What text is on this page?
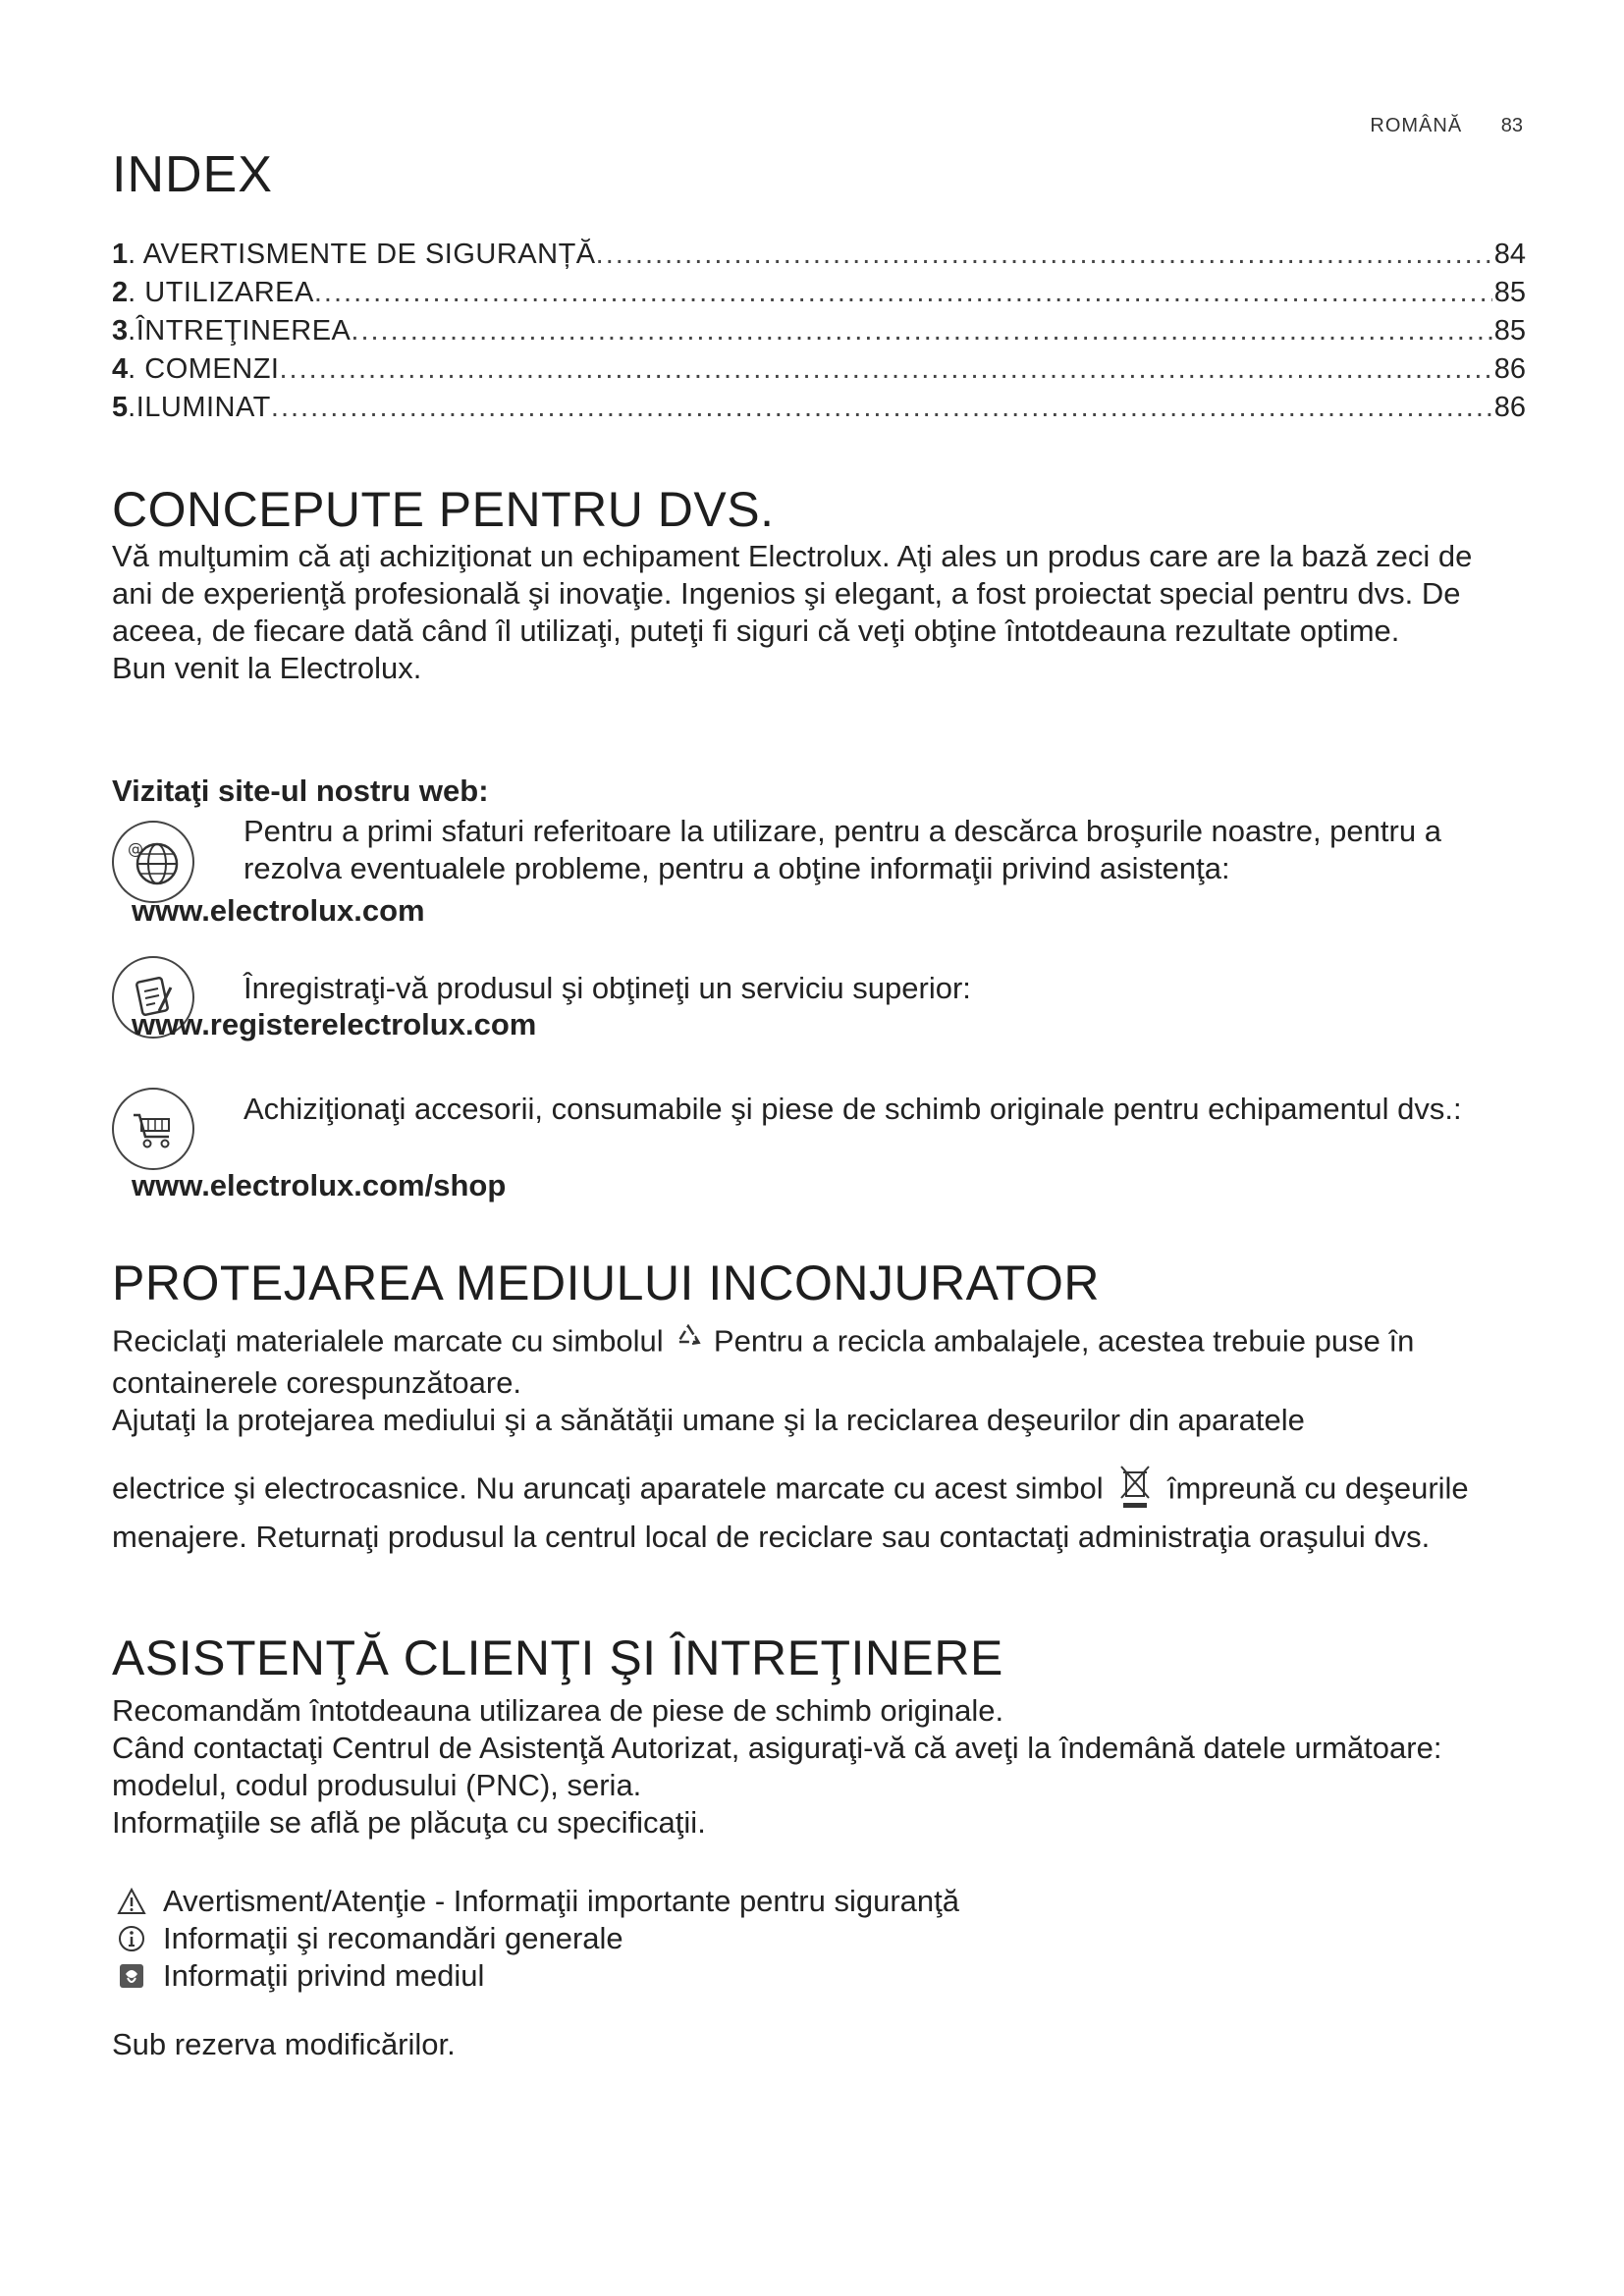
ROMÂNĂ 83
INDEX
1 . AVERTISMENTE DE SIGURANȚĂ .....	84
2 . UTILIZAREA .....	85
3 .ÎNTREŢINEREA .....	85
4 . COMENZI .....	86
5 .ILUMINAT .....	86
CONCEPUTE PENTRU DVS.

Vă mulţumim că aţi achiziţionat un echipament Electrolux. Aţi ales un produs care are la bază zeci de ani de experienţă profesională şi inovaţie. Ingenios şi elegant, a fost proiectat special pentru dvs. De aceea, de fiecare dată când îl utilizaţi, puteţi fi siguri că veţi obţine întotdeauna rezultate optime.

Bun venit la Electrolux.

Vizitaţi site-ul nostru web:
@
Pentru a primi sfaturi referitoare la utilizare, pentru a descărca broşurile noastre, pentru a rezolva eventualele probleme, pentru a obţine informaţii privind asistenţa:
www.electrolux.com
Înregistraţi-vă produsul şi obţineţi un serviciu superior:
www.registerelectrolux.com
Achiziţionaţi accesorii, consumabile şi piese de schimb originale pentru echipamentul dvs.:
www.electrolux.com/shop
PROTEJAREA MEDIULUI INCONJURATOR

Reciclaţi materialele marcate cu simbolul Pentru a recicla ambalajele, acestea trebuie puse în containerele corespunzătoare.

Ajutaţi la protejarea mediului şi a sănătăţii umane şi la reciclarea deşeurilor din aparatele

electrice şi electrocasnice. Nu aruncaţi aparatele marcate cu acest simbol împreună cu deşeurile menajere. Returnaţi produsul la centrul local de reciclare sau contactaţi administraţia oraşului dvs.

ASISTENŢĂ CLIENŢI ŞI ÎNTREŢINERE

Recomandăm întotdeauna utilizarea de piese de schimb originale.

Când contactaţi Centrul de Asistenţă Autorizat, asiguraţi-vă că aveţi la îndemână datele următoare: modelul, codul produsului (PNC), seria.

Informaţiile se află pe plăcuţa cu specificaţii.

Avertisment/Atenţie - Informaţii importante pentru siguranţă
Informaţii şi recomandări generale
Informaţii privind mediul
Sub rezerva modificărilor.
